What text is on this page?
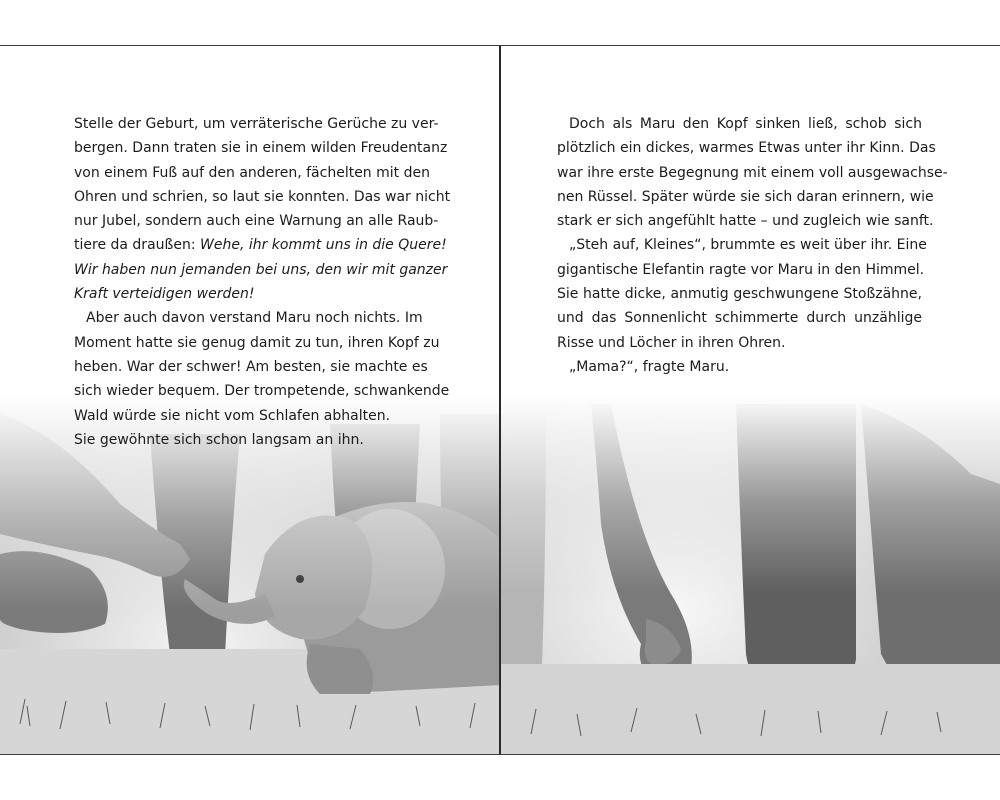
Stelle der Geburt, um verräterische Gerüche zu ver-
bergen. Dann traten sie in einem wilden Freudentanz
von einem Fuß auf den anderen, fächelten mit den
Ohren und schrien, so laut sie konnten. Das war nicht
nur Jubel, sondern auch eine Warnung an alle Raub-
tiere da draußen: Wehe, ihr kommt uns in die Quere!
Wir haben nun jemanden bei uns, den wir mit ganzer
Kraft verteidigen werden!
Aber auch davon verstand Maru noch nichts. Im
Moment hatte sie genug damit zu tun, ihren Kopf zu
heben. War der schwer! Am besten, sie machte es
sich wieder bequem. Der trompetende, schwankende
Wald würde sie nicht vom Schlafen abhalten.
Sie gewöhnte sich schon langsam an ihn.
Doch als Maru den Kopf sinken ließ, schob sich
plötzlich ein dickes, warmes Etwas unter ihr Kinn. Das
war ihre erste Begegnung mit einem voll ausgewachse-
nen Rüssel. Später würde sie sich daran erinnern, wie
stark er sich angefühlt hatte – und zugleich wie sanft.
„Steh auf, Kleines“, brummte es weit über ihr. Eine
gigantische Elefantin ragte vor Maru in den Himmel.
Sie hatte dicke, anmutig geschwungene Stoßzähne,
und das Sonnenlicht schimmerte durch unzählige
Risse und Löcher in ihren Ohren.
„Mama?“, fragte Maru.
